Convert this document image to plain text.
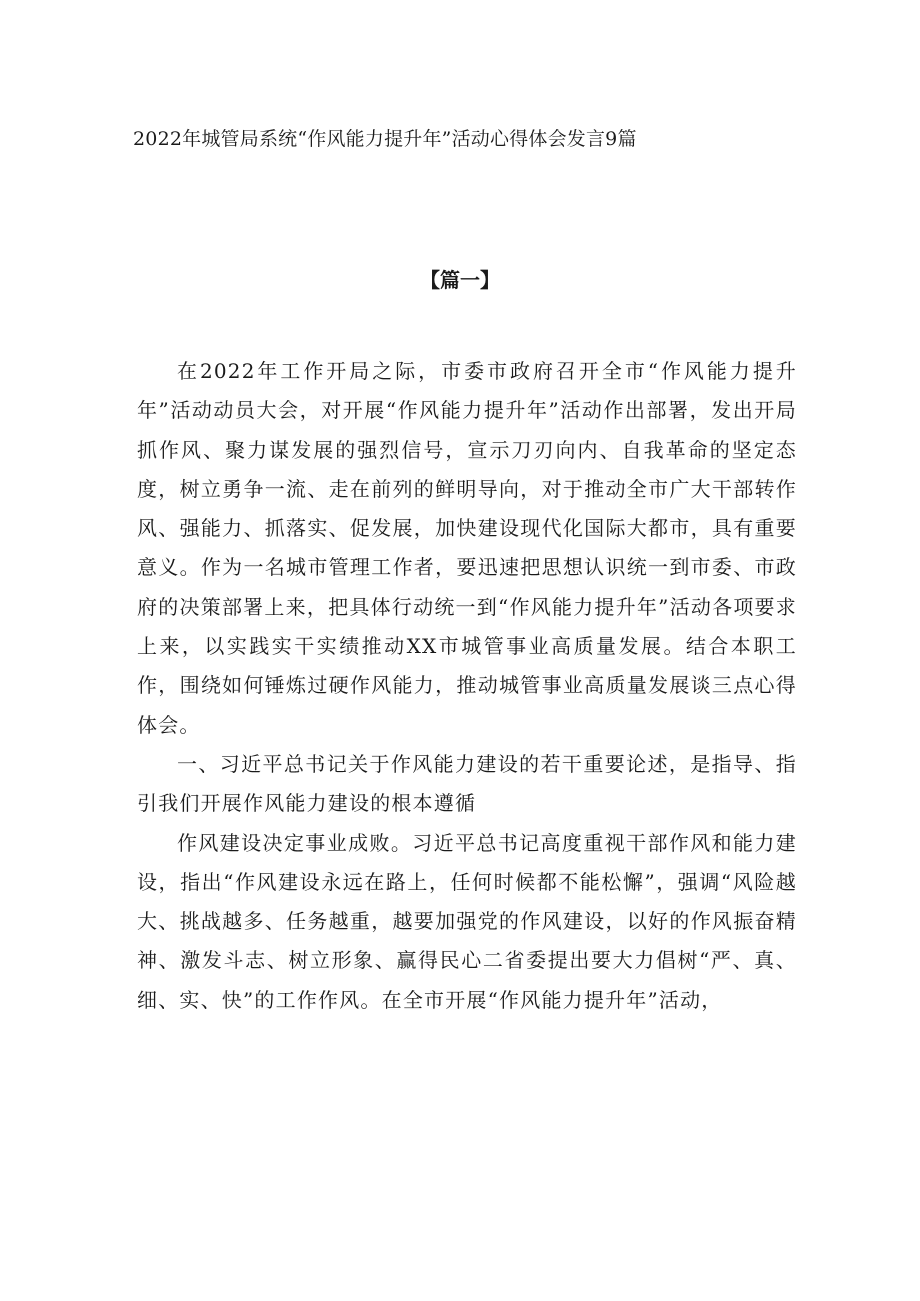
2022年城管局系统“作风能力提升年”活动心得体会发言9篇
【篇一】

在2022年工作开局之际，市委市政府召开全市“作风能力提升年”活动动员大会，对开展“作风能力提升年”活动作出部署，发出开局抓作风、聚力谋发展的强烈信号，宣示刀刃向内、自我革命的坚定态度，树立勇争一流、走在前列的鲜明导向，对于推动全市广大干部转作风、强能力、抓落实、促发展，加快建设现代化国际大都市，具有重要意义。作为一名城市管理工作者，要迅速把思想认识统一到市委、市政府的决策部署上来，把具体行动统一到“作风能力提升年”活动各项要求上来，以实践实干实绩推动XX市城管事业高质量发展。结合本职工作，围绕如何锤炼过硬作风能力，推动城管事业高质量发展谈三点心得体会。

一、习近平总书记关于作风能力建设的若干重要论述，是指导、指引我们开展作风能力建设的根本遵循

作风建设决定事业成败。习近平总书记高度重视干部作风和能力建设，指出“作风建设永远在路上，任何时候都不能松懈”，强调“风险越大、挑战越多、任务越重，越要加强党的作风建设，以好的作风振奋精神、激发斗志、树立形象、赢得民心二省委提出要大力倡树“严、真、细、实、快”的工作作风。在全市开展“作风能力提升年”活动，
